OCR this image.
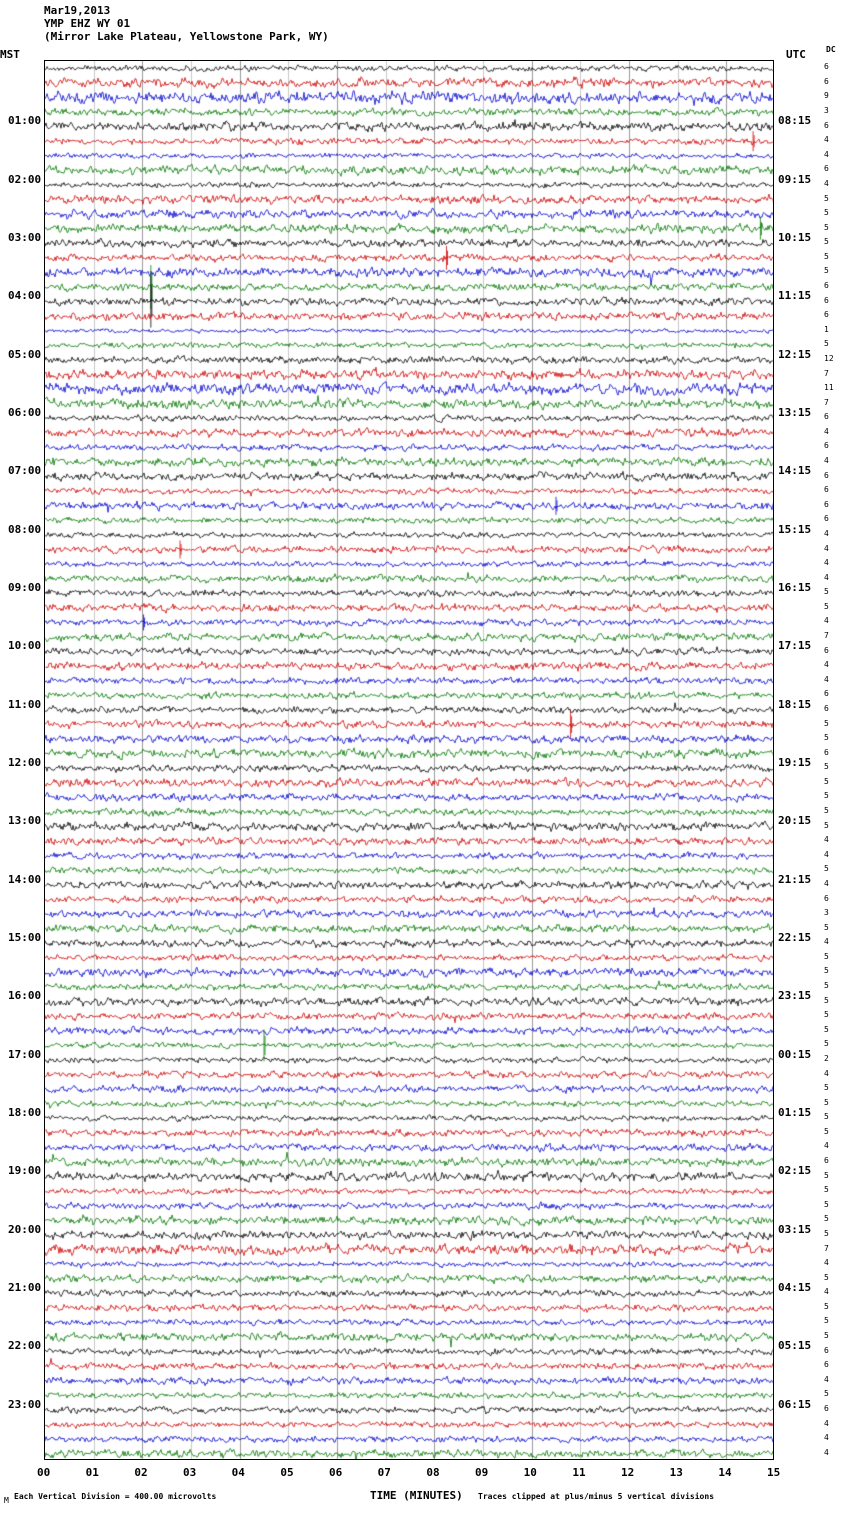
Mar19,2013
YMP EHZ WY 01
(Mirror Lake Plateau, Yellowstone Park, WY)
MST	UTC	DC
01:00
02:00
03:00
04:00
05:00
06:00
07:00
08:00
09:00
10:00
11:00
12:00
13:00
14:00
15:00
16:00
17:00
18:00
19:00
20:00
21:00
22:00
23:00
08:15
09:15
10:15
11:15
12:15
13:15
14:15
15:15
16:15
17:15
18:15
19:15
20:15
21:15
22:15
23:15
00:15
01:15
02:15
03:15
04:15
05:15
06:15
6
6
9
3
6
4
4
6
4
5
5
5
5
5
5
6
6
6
1
5
12
7
11
7
6
4
6
4
6
6
6
6
4
4
4
4
5
5
4
7
6
4
4
6
6
5
5
6
5
5
5
5
5
4
4
5
4
6
3
5
4
5
5
5
5
5
5
5
2
4
5
5
5
5
4
6
5
5
5
5
5
7
4
5
4
5
5
5
6
6
4
5
6
4
4
4
00	01	02	03	04	05	06	07	08	09	10	11	12	13	14	15
M Each Vertical Division = 400.00 microvolts	TIME (MINUTES) Traces clipped at plus/minus 5 vertical divisions
